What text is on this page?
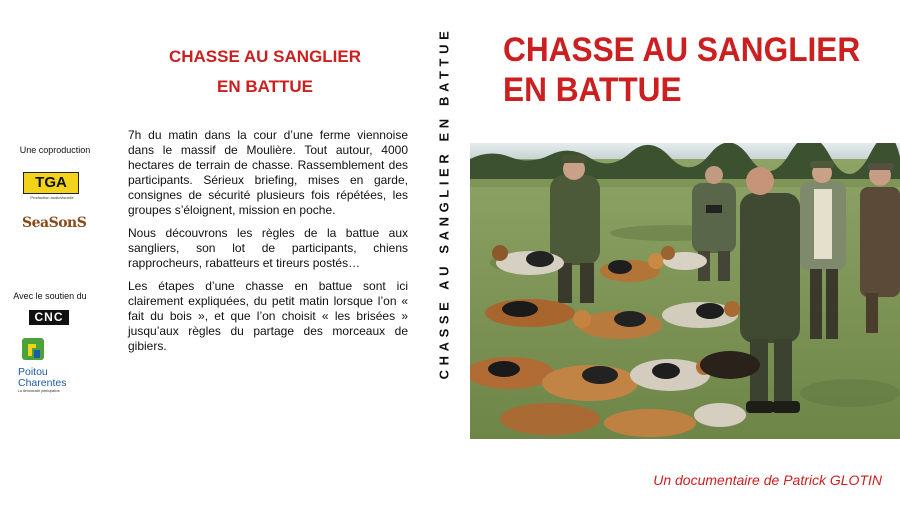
CHASSE AU SANGLIER
EN BATTUE
Une coproduction
TGA
Production audiovisuelle
SeaSonS
Avec le soutien du
CNC
Poitou
Charentes
La démocratie participative

7h du matin dans la cour d’une ferme viennoise dans le massif de Moulière. Tout autour, 4000 hectares de terrain de chasse. Rassemblement des participants. Sérieux briefing, mises en garde, consignes de sécurité plusieurs fois répétées, les groupes s’éloignent, mission en poche.

Nous découvrons les règles de la battue aux sangliers, son lot de participants, chiens rapprocheurs, rabatteurs et tireurs postés…

Les étapes d’une chasse en battue sont ici clairement expliquées, du petit matin lorsque l’on « fait du bois », et que l’on choisit « les brisées » jusqu’aux règles du partage des morceaux de gibiers.	CHASSE AU SANGLIER EN BATTUE CHASSE AU SANGLIER
EN BATTUE
Un documentaire de Patrick GLOTIN
